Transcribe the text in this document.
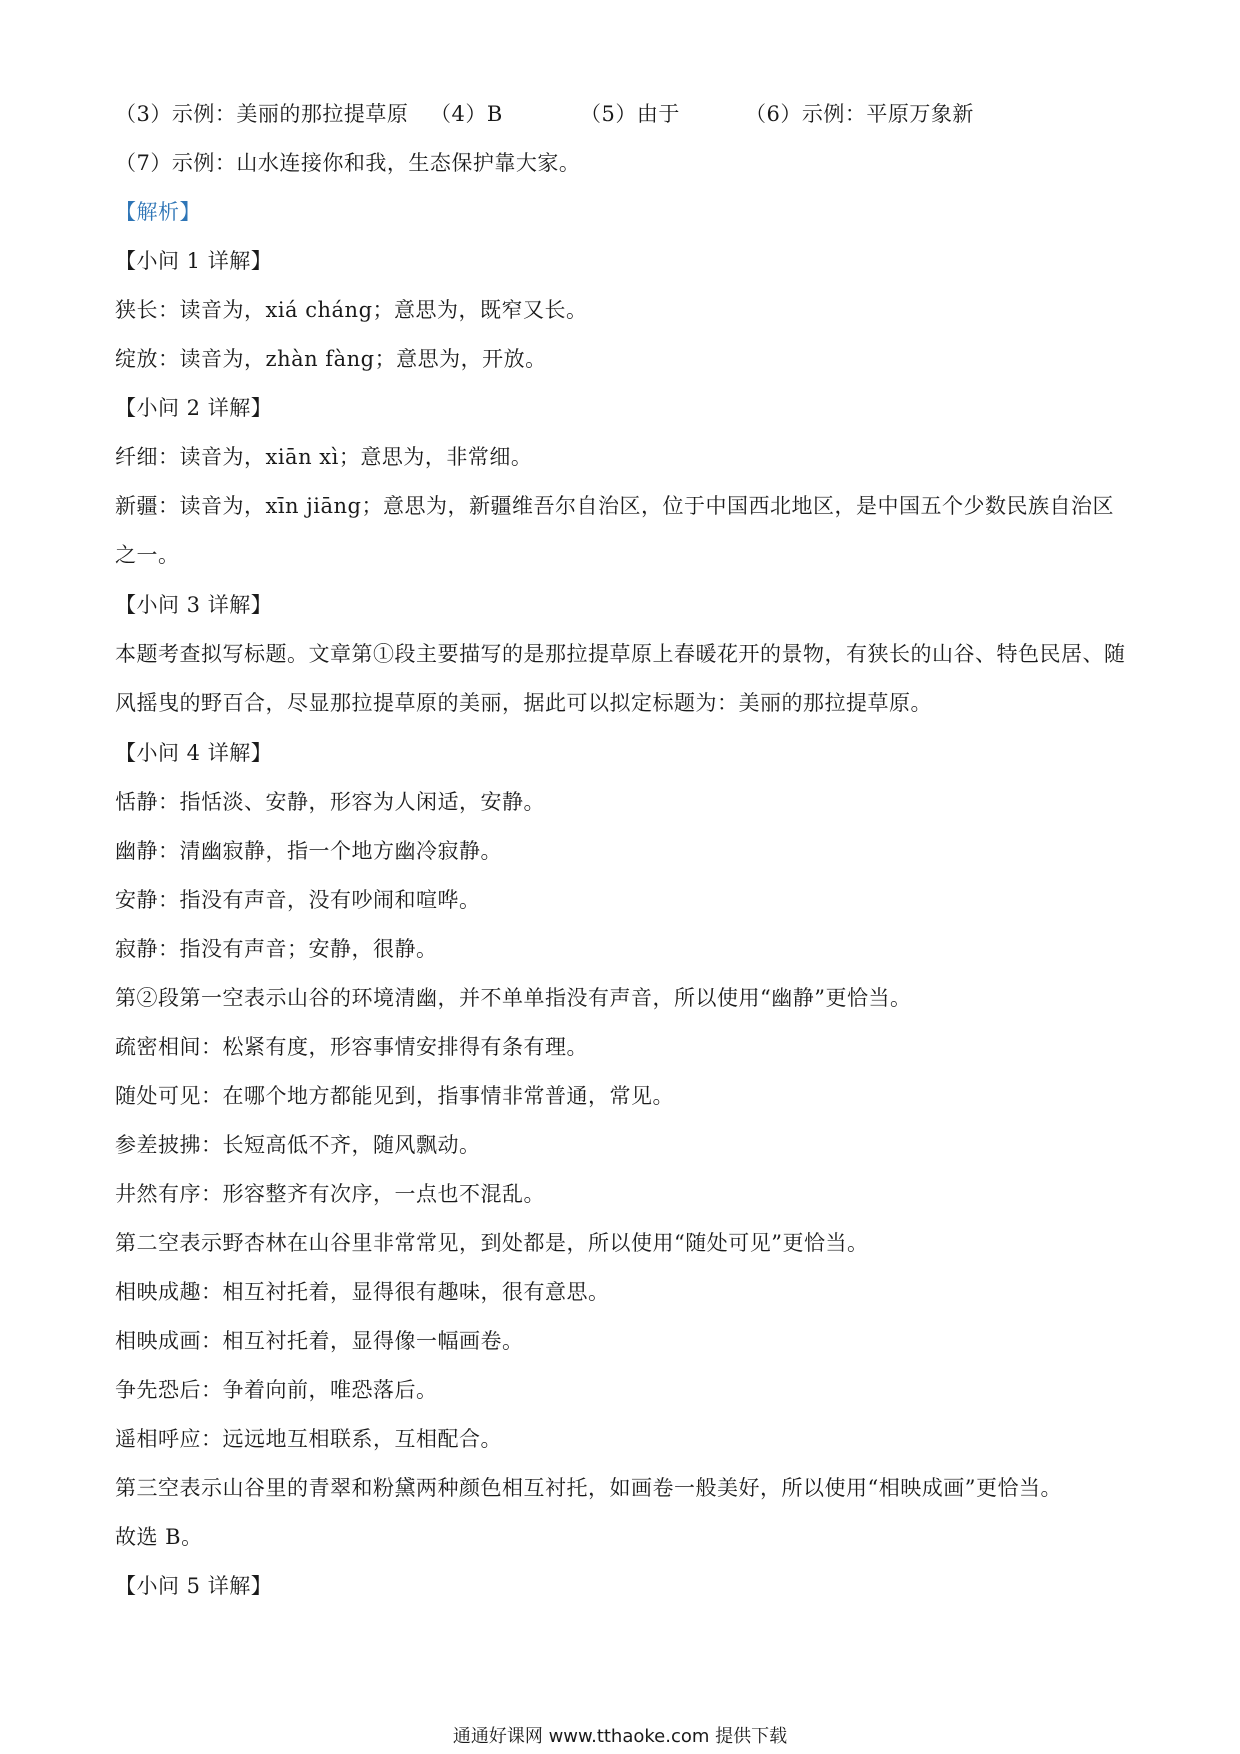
（3）示例：美丽的那拉提草原 （4）B	（5）由于	（6）示例：平原万象新
（7）示例：山水连接你和我，生态保护靠大家。
【解析】
【小问 1 详解】
狭长：读音为，xiá cháng；意思为，既窄又长。
绽放：读音为，zhàn fàng；意思为，开放。
【小问 2 详解】
纤细：读音为，xiān xì；意思为，非常细。
新疆：读音为，xīn jiāng；意思为，新疆维吾尔自治区，位于中国西北地区，是中国五个少数民族自治区之一。
【小问 3 详解】
本题考查拟写标题。文章第①段主要描写的是那拉提草原上春暖花开的景物，有狭长的山谷、特色民居、随风摇曳的野百合，尽显那拉提草原的美丽，据此可以拟定标题为：美丽的那拉提草原。
【小问 4 详解】
恬静：指恬淡、安静，形容为人闲适，安静。
幽静：清幽寂静，指一个地方幽冷寂静。
安静：指没有声音，没有吵闹和喧哗。
寂静：指没有声音；安静，很静。
第②段第一空表示山谷的环境清幽，并不单单指没有声音，所以使用“幽静”更恰当。
疏密相间：松紧有度，形容事情安排得有条有理。
随处可见：在哪个地方都能见到，指事情非常普通，常见。
参差披拂：长短高低不齐，随风飘动。
井然有序：形容整齐有次序，一点也不混乱。
第二空表示野杏林在山谷里非常常见，到处都是，所以使用“随处可见”更恰当。
相映成趣：相互衬托着，显得很有趣味，很有意思。
相映成画：相互衬托着，显得像一幅画卷。
争先恐后：争着向前，唯恐落后。
遥相呼应：远远地互相联系，互相配合。
第三空表示山谷里的青翠和粉黛两种颜色相互衬托，如画卷一般美好，所以使用“相映成画”更恰当。
故选 B。
【小问 5 详解】
通通好课网 www.tthaoke.com 提供下载
